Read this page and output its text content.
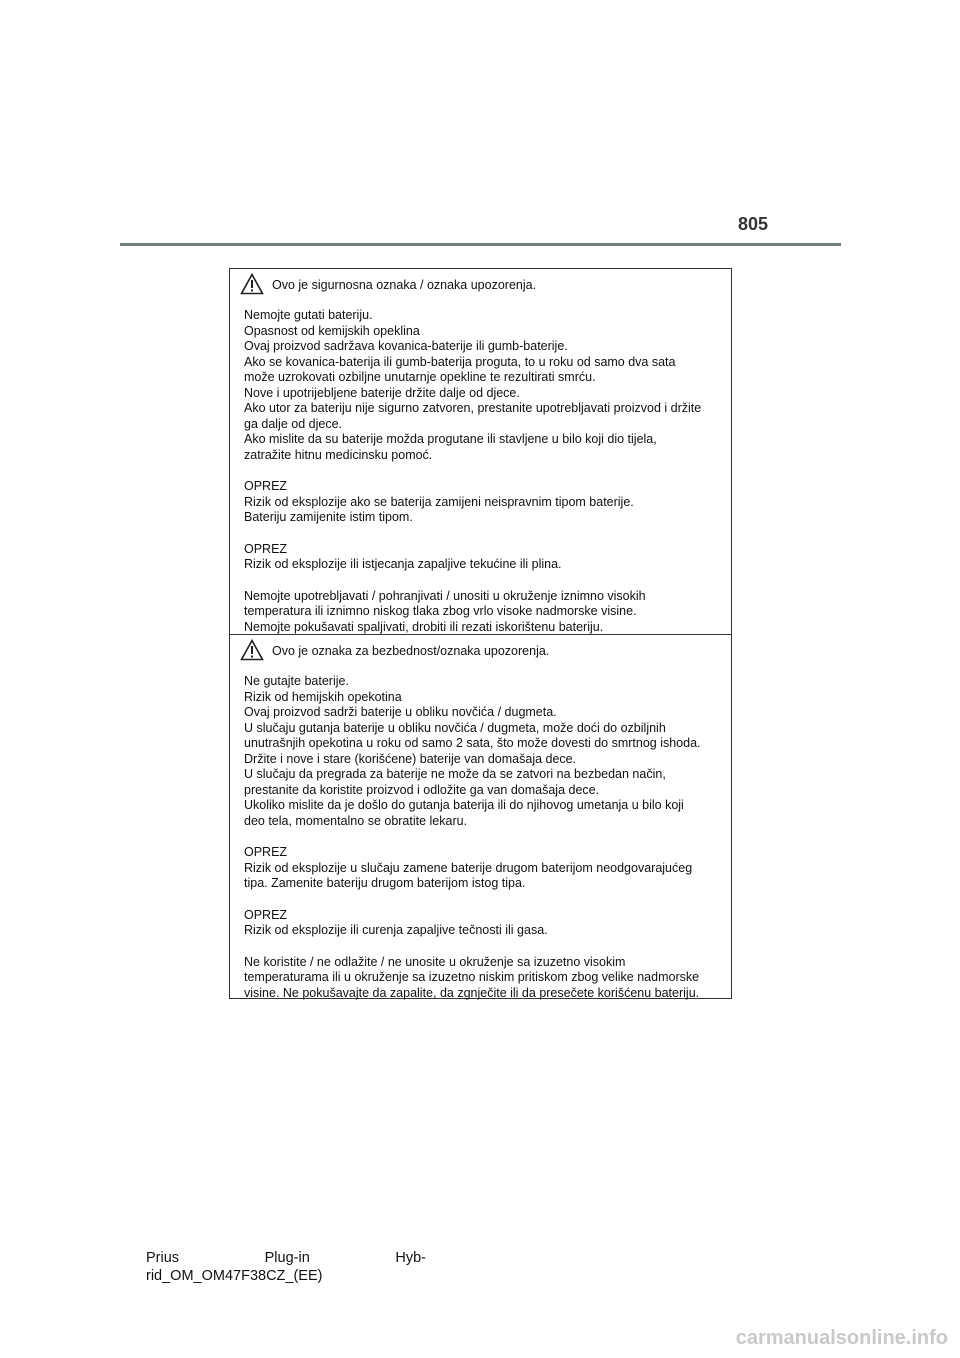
805
Ovo je sigurnosna oznaka / oznaka upozorenja.
Nemojte gutati bateriju.
Opasnost od kemijskih opeklina
Ovaj proizvod sadržava kovanica-baterije ili gumb-baterije.
Ako se kovanica-baterija ili gumb-baterija proguta, to u roku od samo dva sata
može uzrokovati ozbiljne unutarnje opekline te rezultirati smrću.
Nove i upotrijebljene baterije držite dalje od djece.
Ako utor za bateriju nije sigurno zatvoren, prestanite upotrebljavati proizvod i držite
ga dalje od djece.
Ako mislite da su baterije možda progutane ili stavljene u bilo koji dio tijela,
zatražite hitnu medicinsku pomoć.
OPREZ
Rizik od eksplozije ako se baterija zamijeni neispravnim tipom baterije.
Bateriju zamijenite istim tipom.
OPREZ
Rizik od eksplozije ili istjecanja zapaljive tekućine ili plina.
Nemojte upotrebljavati / pohranjivati / unositi u okruženje iznimno visokih
temperatura ili iznimno niskog tlaka zbog vrlo visoke nadmorske visine.
Nemojte pokušavati spaljivati, drobiti ili rezati iskorištenu bateriju.
Ovo je oznaka za bezbednost/oznaka upozorenja.
Ne gutajte baterije.
Rizik od hemijskih opekotina
Ovaj proizvod sadrži baterije u obliku novčića / dugmeta.
U slučaju gutanja baterije u obliku novčića / dugmeta, može doći do ozbiljnih
unutrašnjih opekotina u roku od samo 2 sata, što može dovesti do smrtnog ishoda.
Držite i nove i stare (korišćene) baterije van domašaja dece.
U slučaju da pregrada za baterije ne može da se zatvori na bezbedan način,
prestanite da koristite proizvod i odložite ga van domašaja dece.
Ukoliko mislite da je došlo do gutanja baterija ili do njihovog umetanja u bilo koji
deo tela, momentalno se obratite lekaru.
OPREZ
Rizik od eksplozije u slučaju zamene baterije drugom baterijom neodgovarajućeg
tipa. Zamenite bateriju drugom baterijom istog tipa.
OPREZ
Rizik od eksplozije ili curenja zapaljive tečnosti ili gasa.
Ne koristite / ne odlažite / ne unosite u okruženje sa izuzetno visokim
temperaturama ili u okruženje sa izuzetno niskim pritiskom zbog velike nadmorske
visine. Ne pokušavajte da zapalite, da zgnječite ili da presečete korišćenu bateriju.
Prius	Plug-in	Hyb-
rid_OM_OM47F38CZ_(EE)
carmanualsonline.info
